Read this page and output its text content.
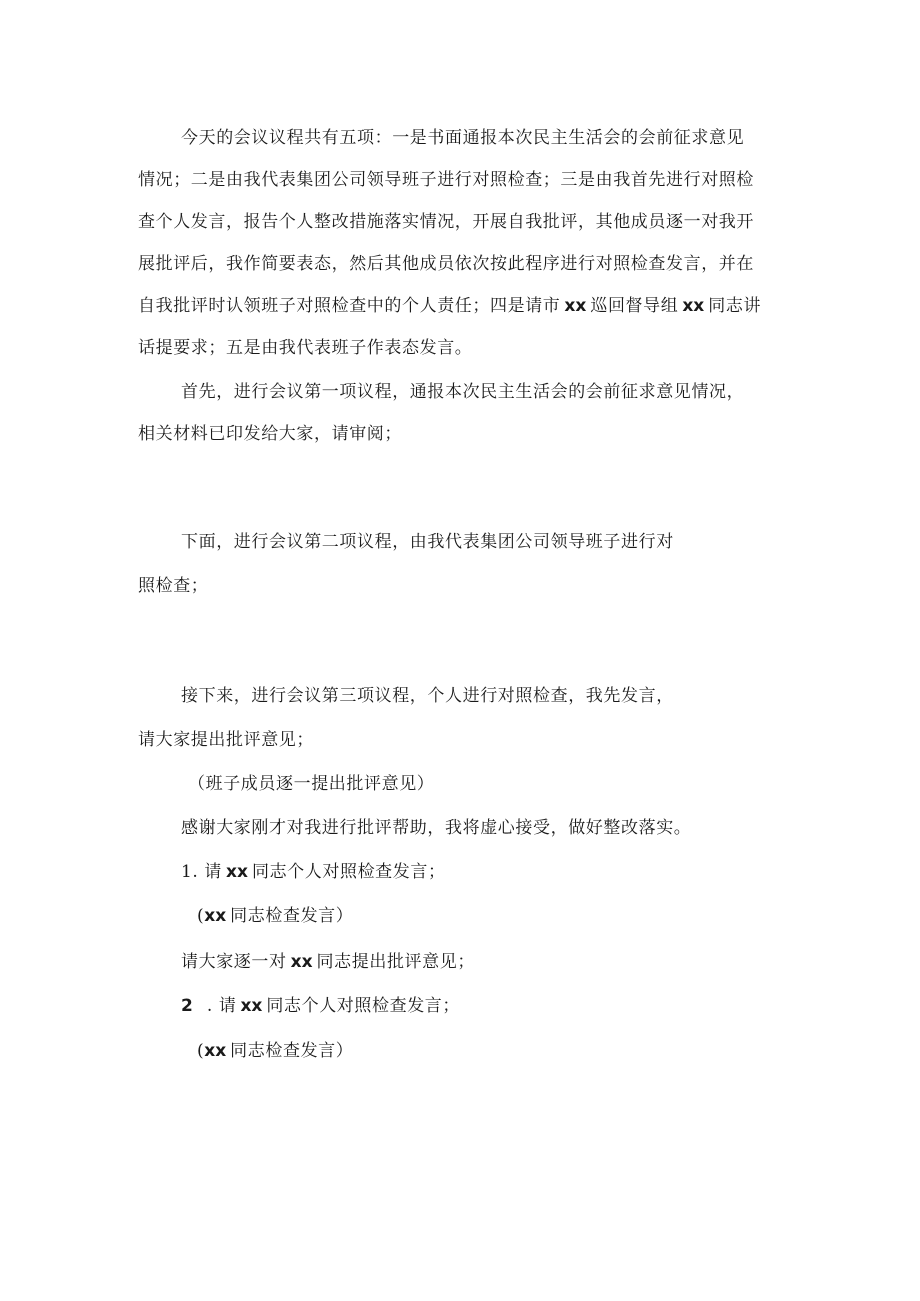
今天的会议议程共有五项：一是书面通报本次民主生活会的会前征求意见
情况；二是由我代表集团公司领导班子进行对照检查；三是由我首先进行对照检
查个人发言，报告个人整改措施落实情况，开展自我批评，其他成员逐一对我开
展批评后，我作简要表态，然后其他成员依次按此程序进行对照检查发言，并在
自我批评时认领班子对照检查中的个人责任；四是请市 xx 巡回督导组 xx 同志讲
话提要求；五是由我代表班子作表态发言。
首先，进行会议第一项议程，通报本次民主生活会的会前征求意见情况，
相关材料已印发给大家，请审阅；
下面，进行会议第二项议程，由我代表集团公司领导班子进行对
照检查；
接下来，进行会议第三项议程，个人进行对照检查，我先发言，
请大家提出批评意见；
（班子成员逐一提出批评意见）
感谢大家刚才对我进行批评帮助，我将虚心接受，做好整改落实。
1. 请 xx 同志个人对照检查发言；
(xx 同志检查发言）
请大家逐一对 xx 同志提出批评意见；
2 . 请 xx 同志个人对照检查发言；
(xx 同志检查发言）
